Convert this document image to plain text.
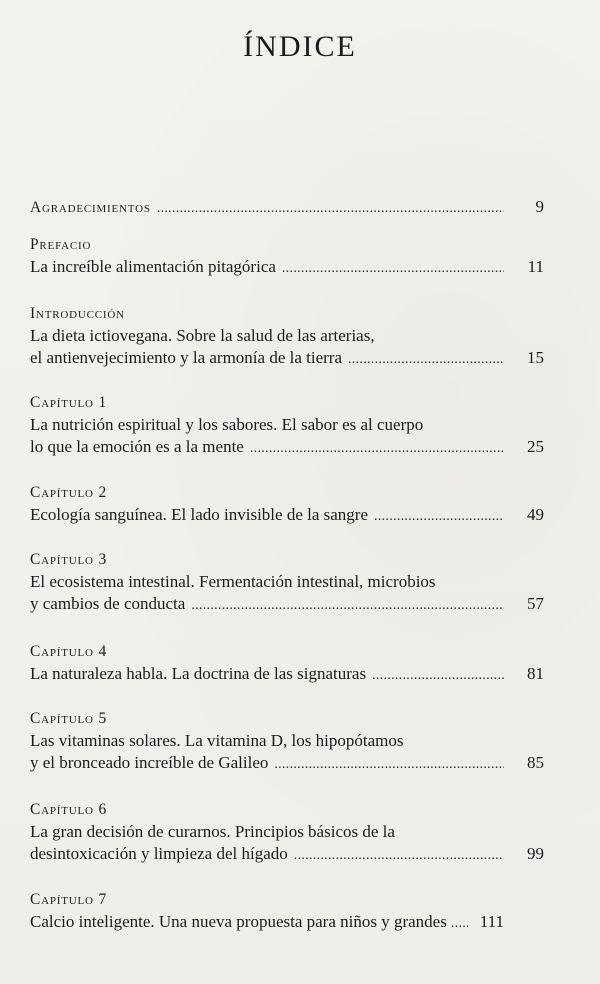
ÍNDICE
Agradecimientos . . .	9
Prefacio
La increíble alimentación pitagórica . . .	11
Introducción
La dieta ictiovegana. Sobre la salud de las arterias,
el antienvejecimiento y la armonía de la tierra . . .	15
Capítulo 1
La nutrición espiritual y los sabores. El sabor es al cuerpo
lo que la emoción es a la mente . . .	25
Capítulo 2
Ecología sanguínea. El lado invisible de la sangre . . .	49
Capítulo 3
El ecosistema intestinal. Fermentación intestinal, microbios
y cambios de conducta . . .	57
Capítulo 4
La naturaleza habla. La doctrina de las signaturas . . .	81
Capítulo 5
Las vitaminas solares. La vitamina D, los hipopótamos
y el bronceado increíble de Galileo . . .	85
Capítulo 6
La gran decisión de curarnos. Principios básicos de la
desintoxicación y limpieza del hígado . . .	99
Capítulo 7
Calcio inteligente. Una nueva propuesta para niños y grandes . . .	111
